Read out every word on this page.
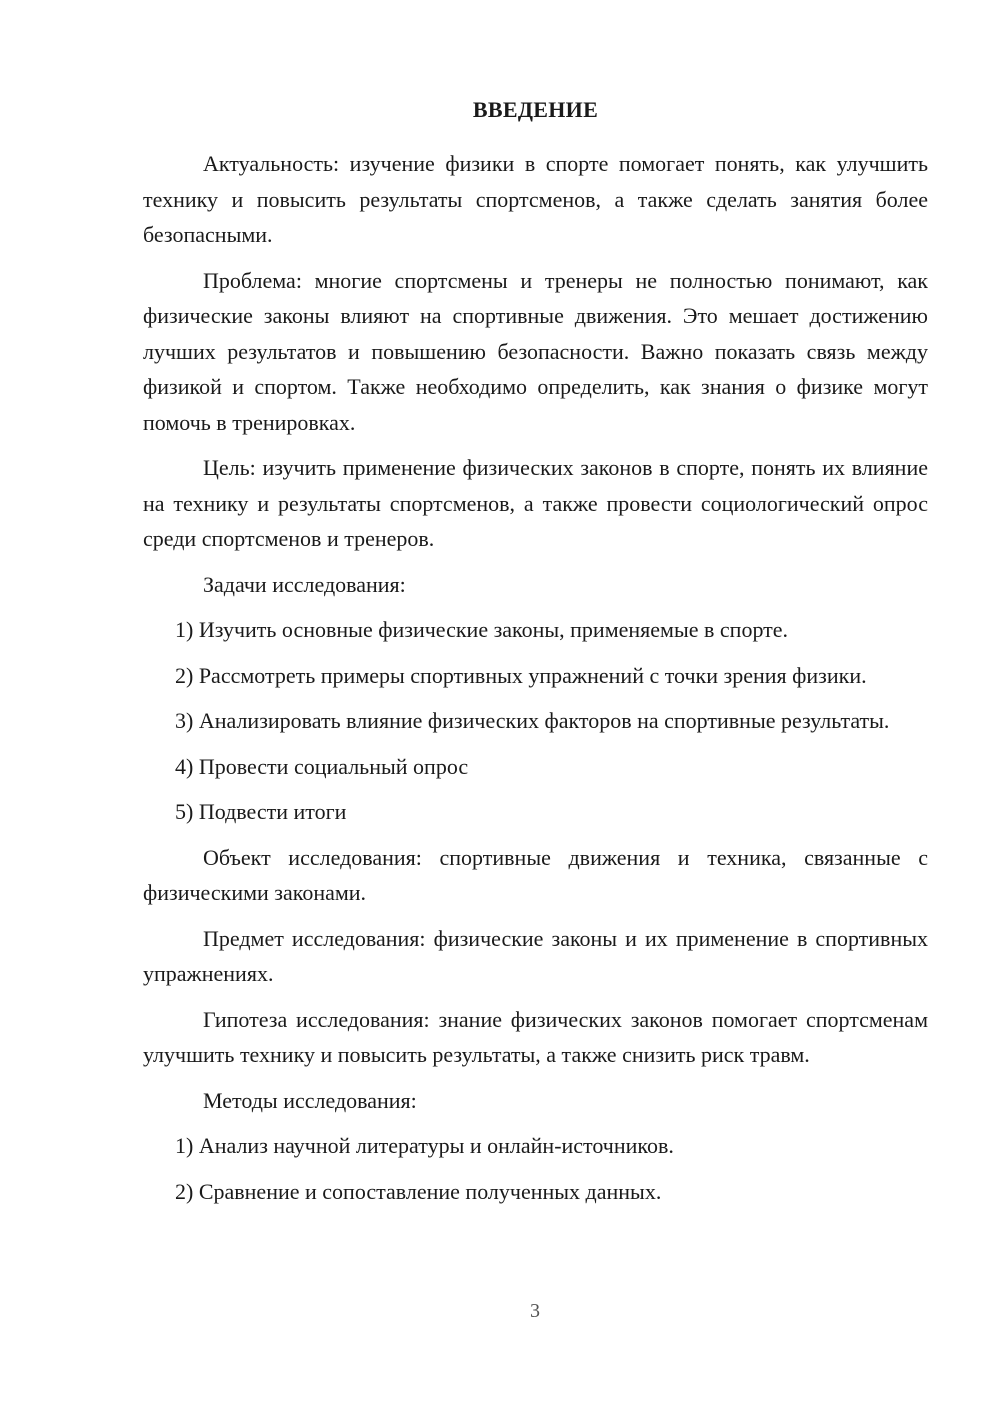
ВВЕДЕНИЕ

Актуальность: изучение физики в спорте помогает понять, как улучшить технику и повысить результаты спортсменов, а также сделать занятия более безопасными.

Проблема: многие спортсмены и тренеры не полностью понимают, как физические законы влияют на спортивные движения. Это мешает достижению лучших результатов и повышению безопасности. Важно показать связь между физикой и спортом. Также необходимо определить, как знания о физике могут помочь в тренировках.

Цель: изучить применение физических законов в спорте, понять их влияние на технику и результаты спортсменов, а также провести социологический опрос среди спортсменов и тренеров.

Задачи исследования:

1) Изучить основные физические законы, применяемые в спорте.

2) Рассмотреть примеры спортивных упражнений с точки зрения физики.

3) Анализировать влияние физических факторов на спортивные результаты.

4) Провести социальный опрос

5) Подвести итоги

Объект исследования: спортивные движения и техника, связанные с физическими законами.

Предмет исследования: физические законы и их применение в спортивных упражнениях.

Гипотеза исследования: знание физических законов помогает спортсменам улучшить технику и повысить результаты, а также снизить риск травм.

Методы исследования:

1) Анализ научной литературы и онлайн-источников.

2) Сравнение и сопоставление полученных данных.

3
